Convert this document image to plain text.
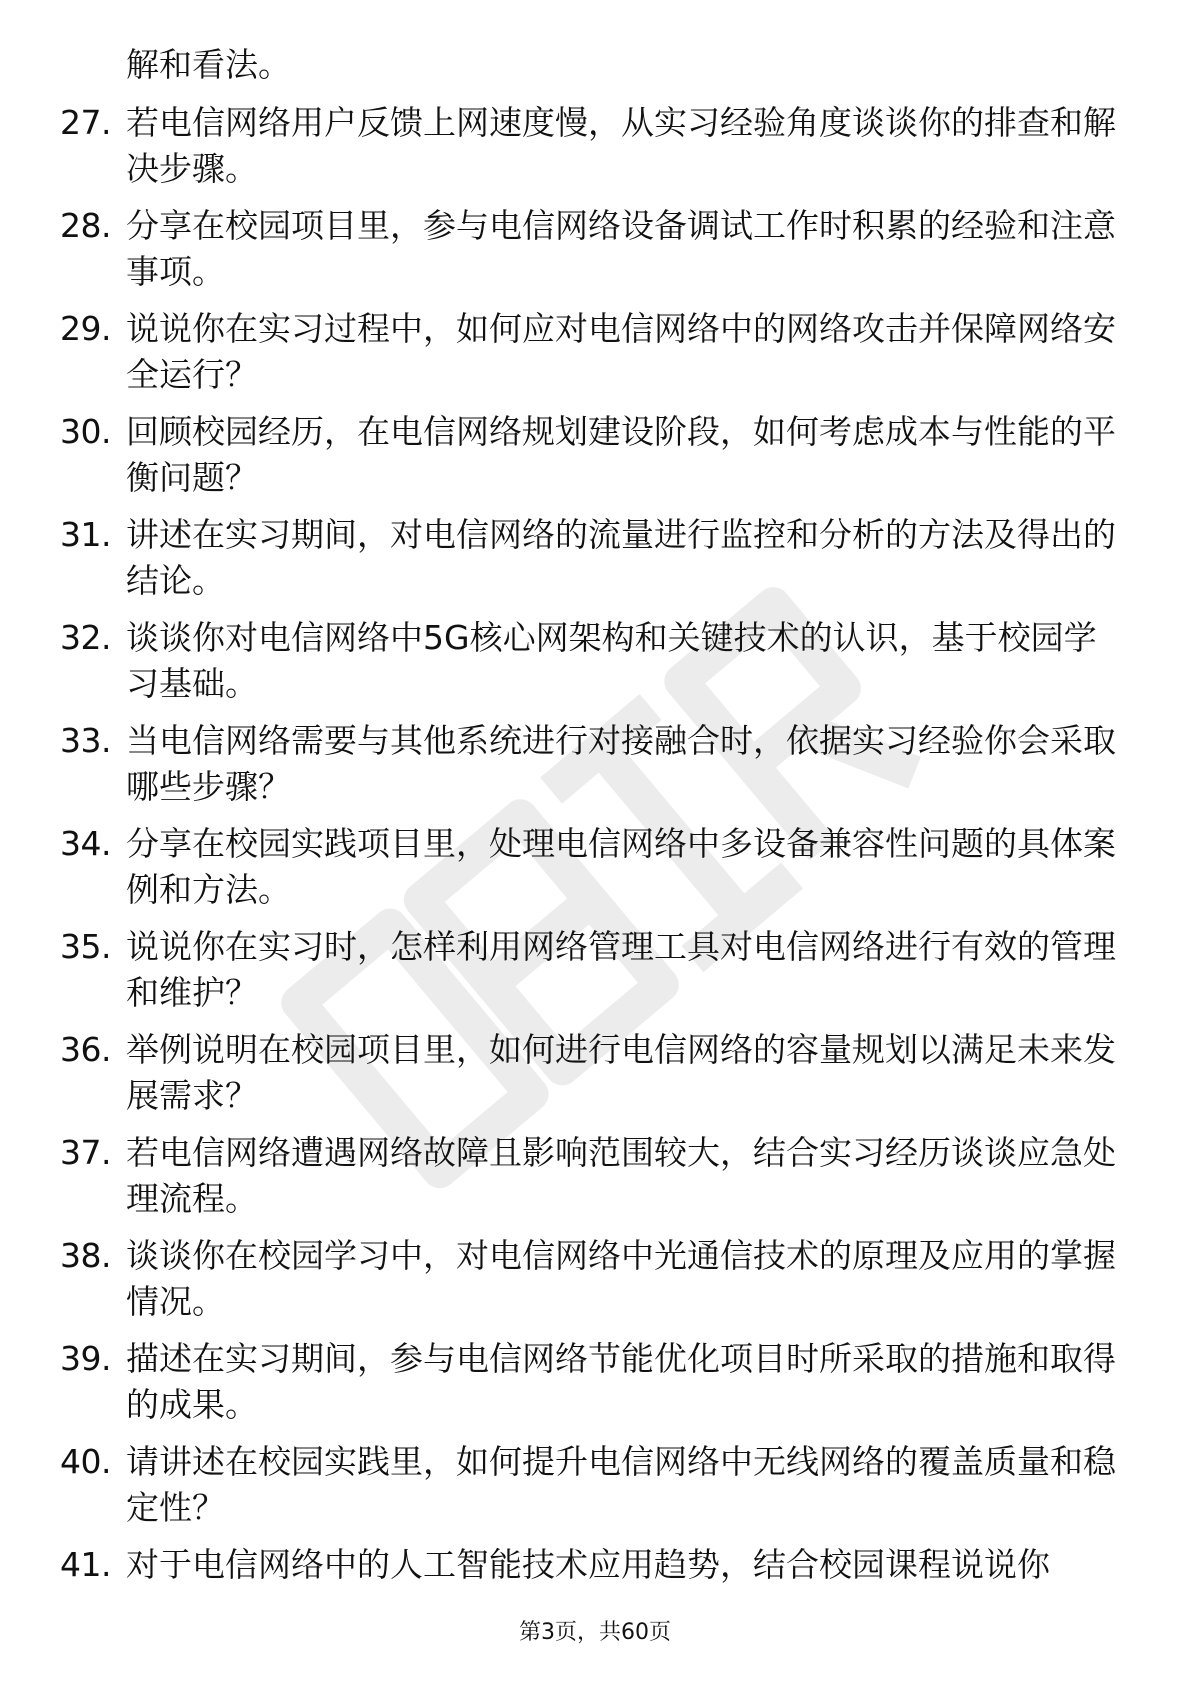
解和看法。
27. 若电信网络用户反馈上网速度慢，从实习经验角度谈谈你的排查和解决步骤。
28. 分享在校园项目里，参与电信网络设备调试工作时积累的经验和注意事项。
29. 说说你在实习过程中，如何应对电信网络中的网络攻击并保障网络安全运行？
30. 回顾校园经历，在电信网络规划建设阶段，如何考虑成本与性能的平衡问题？
31. 讲述在实习期间，对电信网络的流量进行监控和分析的方法及得出的结论。
32. 谈谈你对电信网络中5G核心网架构和关键技术的认识，基于校园学习基础。
33. 当电信网络需要与其他系统进行对接融合时，依据实习经验你会采取哪些步骤？
34. 分享在校园实践项目里，处理电信网络中多设备兼容性问题的具体案例和方法。
35. 说说你在实习时，怎样利用网络管理工具对电信网络进行有效的管理和维护？
36. 举例说明在校园项目里，如何进行电信网络的容量规划以满足未来发展需求？
37. 若电信网络遭遇网络故障且影响范围较大，结合实习经历谈谈应急处理流程。
38. 谈谈你在校园学习中，对电信网络中光通信技术的原理及应用的掌握情况。
39. 描述在实习期间，参与电信网络节能优化项目时所采取的措施和取得的成果。
40. 请讲述在校园实践里，如何提升电信网络中无线网络的覆盖质量和稳定性？
41. 对于电信网络中的人工智能技术应用趋势，结合校园课程说说你
第3页，共60页
